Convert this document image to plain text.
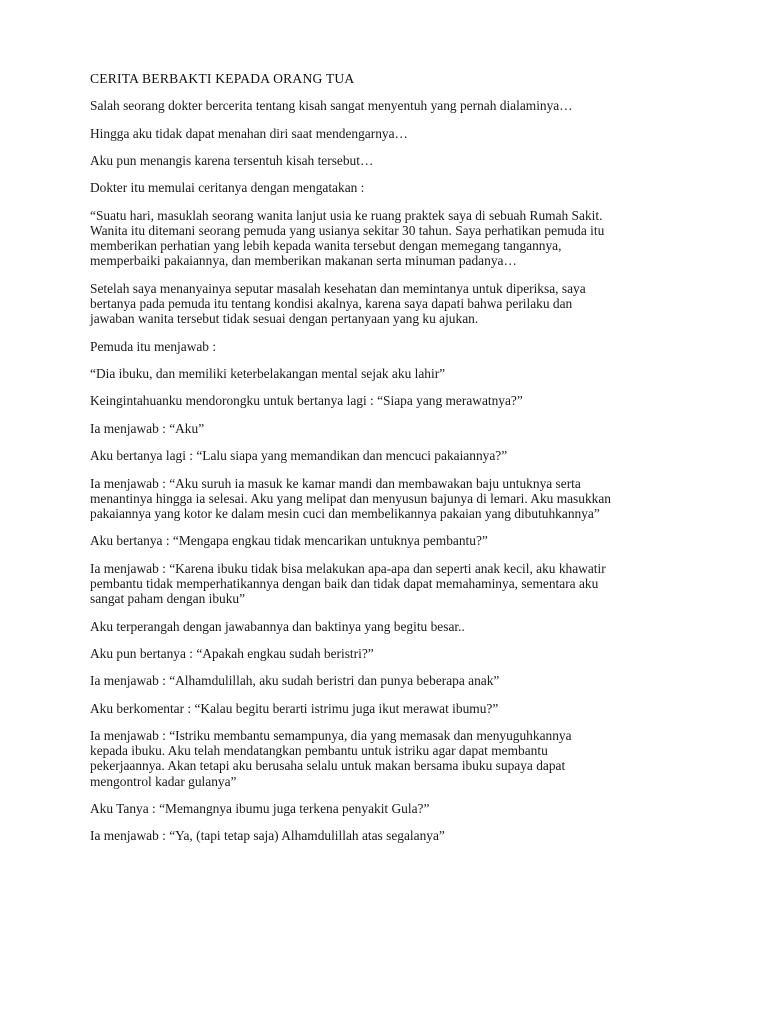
CERITA BERBAKTI KEPADA ORANG TUA

Salah seorang dokter bercerita tentang kisah sangat menyentuh yang pernah dialaminya…

Hingga aku tidak dapat menahan diri saat mendengarnya…

Aku pun menangis karena tersentuh kisah tersebut…

Dokter itu memulai ceritanya dengan mengatakan :

“Suatu hari, masuklah seorang wanita lanjut usia ke ruang praktek saya di sebuah Rumah Sakit.
Wanita itu ditemani seorang pemuda yang usianya sekitar 30 tahun. Saya perhatikan pemuda itu
memberikan perhatian yang lebih kepada wanita tersebut dengan memegang tangannya,
memperbaiki pakaiannya, dan memberikan makanan serta minuman padanya…

Setelah saya menanyainya seputar masalah kesehatan dan memintanya untuk diperiksa, saya
bertanya pada pemuda itu tentang kondisi akalnya, karena saya dapati bahwa perilaku dan
jawaban wanita tersebut tidak sesuai dengan pertanyaan yang ku ajukan.

Pemuda itu menjawab :

“Dia ibuku, dan memiliki keterbelakangan mental sejak aku lahir”

Keingintahuanku mendorongku untuk bertanya lagi : “Siapa yang merawatnya?”

Ia menjawab : “Aku”

Aku bertanya lagi : “Lalu siapa yang memandikan dan mencuci pakaiannya?”

Ia menjawab : “Aku suruh ia masuk ke kamar mandi dan membawakan baju untuknya serta
menantinya hingga ia selesai. Aku yang melipat dan menyusun bajunya di lemari. Aku masukkan
pakaiannya yang kotor ke dalam mesin cuci dan membelikannya pakaian yang dibutuhkannya”

Aku bertanya : “Mengapa engkau tidak mencarikan untuknya pembantu?”

Ia menjawab : “Karena ibuku tidak bisa melakukan apa-apa dan seperti anak kecil, aku khawatir
pembantu tidak memperhatikannya dengan baik dan tidak dapat memahaminya, sementara aku
sangat paham dengan ibuku”

Aku terperangah dengan jawabannya dan baktinya yang begitu besar..

Aku pun bertanya : “Apakah engkau sudah beristri?”

Ia menjawab : “Alhamdulillah, aku sudah beristri dan punya beberapa anak”

Aku berkomentar : “Kalau begitu berarti istrimu juga ikut merawat ibumu?”

Ia menjawab : “Istriku membantu semampunya, dia yang memasak dan menyuguhkannya
kepada ibuku. Aku telah mendatangkan pembantu untuk istriku agar dapat membantu
pekerjaannya. Akan tetapi aku berusaha selalu untuk makan bersama ibuku supaya dapat
mengontrol kadar gulanya”

Aku Tanya : “Memangnya ibumu juga terkena penyakit Gula?”

Ia menjawab : “Ya, (tapi tetap saja) Alhamdulillah atas segalanya”
